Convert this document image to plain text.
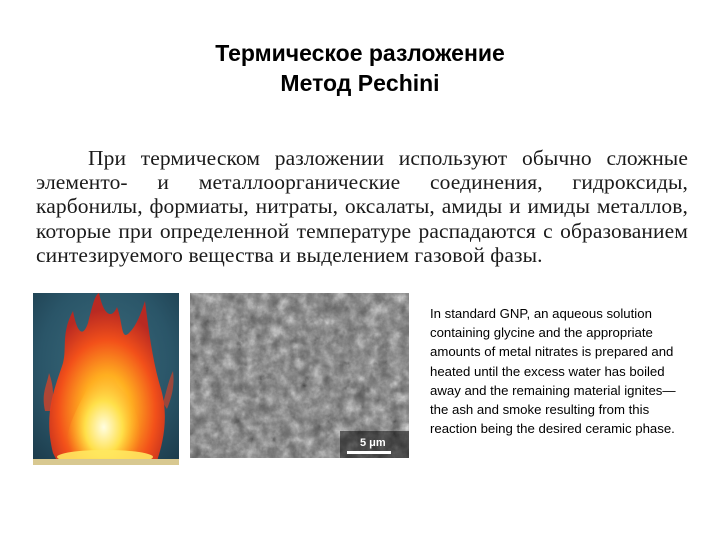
Термическое разложение
Метод Pechini
При термическом разложении используют обычно сложные элементо- и металлоорганические соединения, гидроксиды, карбонилы, формиаты, нитраты, оксалаты, амиды и имиды металлов, которые при определенной температуре распадаются с образованием синтезируемого вещества и выделением газовой фазы.
5 μm
In standard GNP, an aqueous solution containing glycine and the appropriate amounts of metal nitrates is prepared and heated until the excess water has boiled away and the remaining material ignites—the ash and smoke resulting from this reaction being the desired ceramic phase.
